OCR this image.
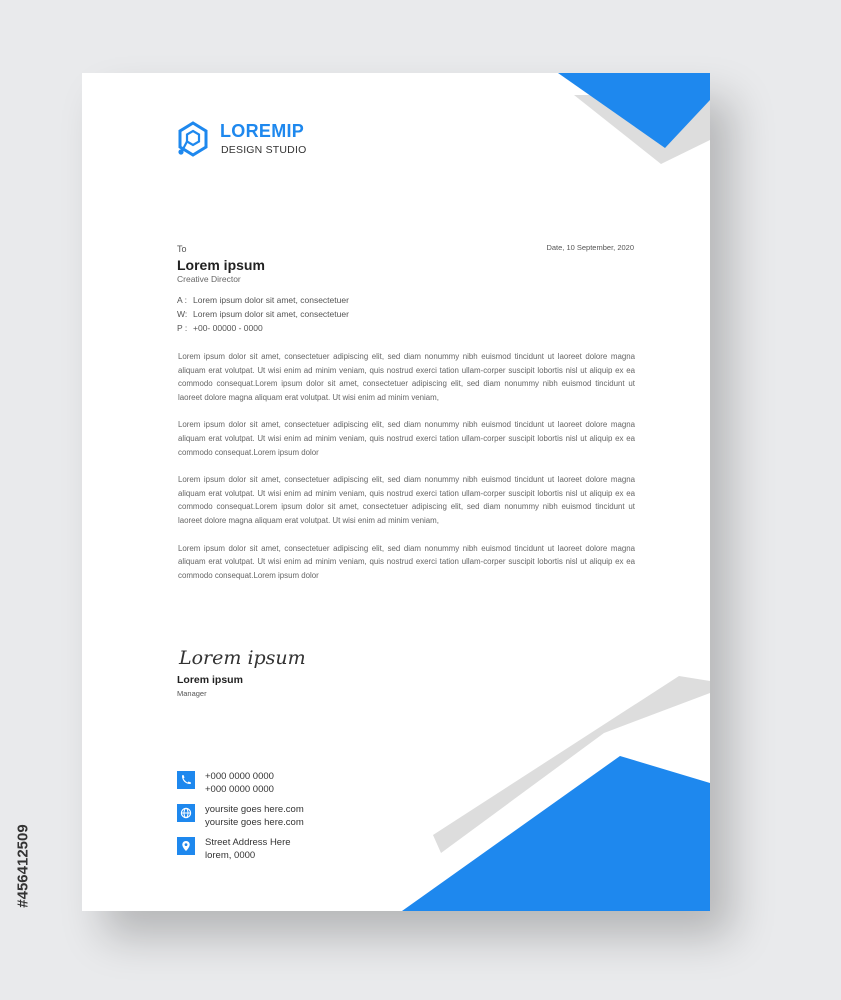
LOREMIP
DESIGN STUDIO
To	Date, 10 September, 2020
Lorem ipsum
Creative Director
A : Lorem ipsum dolor sit amet, consectetuer
W: Lorem ipsum dolor sit amet, consectetuer
P : +00- 00000 - 0000

Lorem ipsum dolor sit amet, consectetuer adipiscing elit, sed diam nonummy nibh euismod tincidunt ut laoreet dolore magna aliquam erat volutpat. Ut wisi enim ad minim veniam, quis nostrud exerci tation ullam-corper suscipit lobortis nisl ut aliquip ex ea commodo consequat.Lorem ipsum dolor sit amet, consectetuer adipiscing elit, sed diam nonummy nibh euismod tincidunt ut laoreet dolore magna aliquam erat volutpat. Ut wisi enim ad minim veniam,

Lorem ipsum dolor sit amet, consectetuer adipiscing elit, sed diam nonummy nibh euismod tincidunt ut laoreet dolore magna aliquam erat volutpat. Ut wisi enim ad minim veniam, quis nostrud exerci tation ullam-corper suscipit lobortis nisl ut aliquip ex ea commodo consequat.Lorem ipsum dolor

Lorem ipsum dolor sit amet, consectetuer adipiscing elit, sed diam nonummy nibh euismod tincidunt ut laoreet dolore magna aliquam erat volutpat. Ut wisi enim ad minim veniam, quis nostrud exerci tation ullam-corper suscipit lobortis nisl ut aliquip ex ea commodo consequat.Lorem ipsum dolor sit amet, consectetuer adipiscing elit, sed diam nonummy nibh euismod tincidunt ut laoreet dolore magna aliquam erat volutpat. Ut wisi enim ad minim veniam,

Lorem ipsum dolor sit amet, consectetuer adipiscing elit, sed diam nonummy nibh euismod tincidunt ut laoreet dolore magna aliquam erat volutpat. Ut wisi enim ad minim veniam, quis nostrud exerci tation ullam-corper suscipit lobortis nisl ut aliquip ex ea commodo consequat.Lorem ipsum dolor

Lorem ipsum
Lorem ipsum
Manager
+000 0000 0000
+000 0000 0000
yoursite goes here.com
yoursite goes here.com
Street Address Here
lorem, 0000
#456412509
